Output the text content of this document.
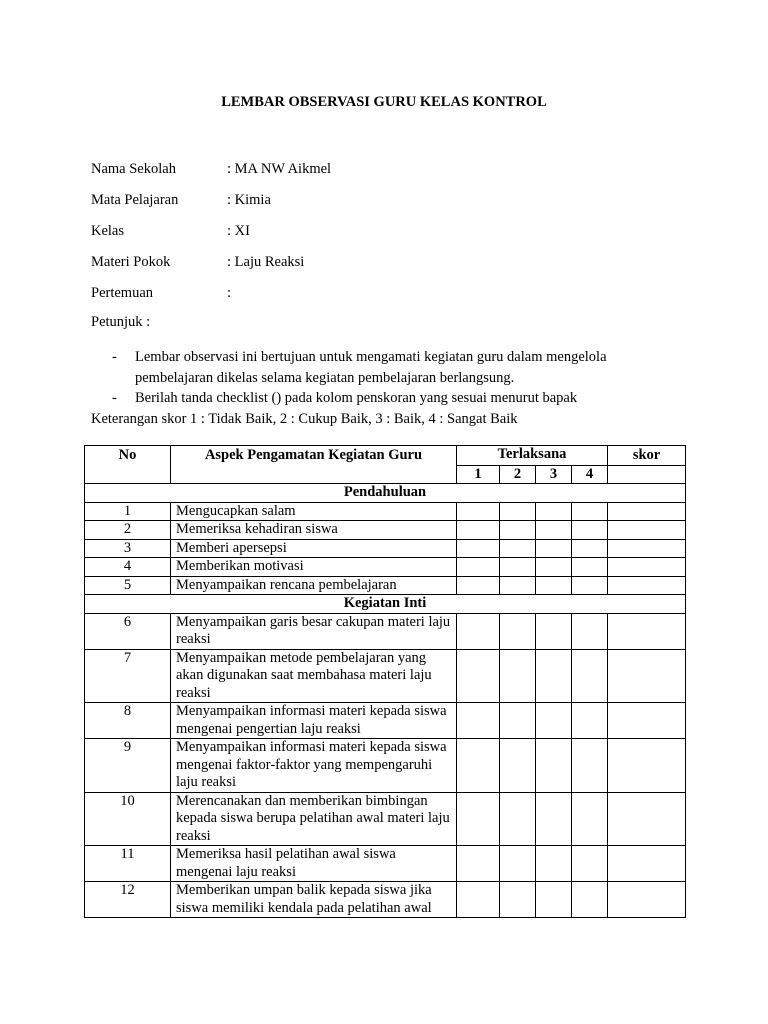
LEMBAR OBSERVASI GURU KELAS KONTROL
Nama Sekolah	: MA NW Aikmel
Mata Pelajaran	: Kimia
Kelas	: XI
Materi Pokok	: Laju Reaksi
Pertemuan	:
Petunjuk :
- Lembar observasi ini bertujuan untuk mengamati kegiatan guru dalam mengelola pembelajaran dikelas selama kegiatan pembelajaran berlangsung.
- Berilah tanda checklist () pada kolom penskoran yang sesuai menurut bapak
Keterangan skor 1 : Tidak Baik, 2 : Cukup Baik, 3 : Baik, 4 : Sangat Baik
No	Aspek Pengamatan Kegiatan Guru	Terlaksana				skor
		1	2	3	4	
Pendahuluan						
1	Mengucapkan salam					
2	Memeriksa kehadiran siswa					
3	Memberi apersepsi					
4	Memberikan motivasi					
5	Menyampaikan rencana pembelajaran					
Kegiatan Inti						
6	Menyampaikan garis besar cakupan materi laju reaksi					
7	Menyampaikan metode pembelajaran yang akan digunakan saat membahasa materi laju reaksi					
8	Menyampaikan informasi materi kepada siswa mengenai pengertian laju reaksi					
9	Menyampaikan informasi materi kepada siswa mengenai faktor-faktor yang mempengaruhi laju reaksi					
10	Merencanakan dan memberikan bimbingan kepada siswa berupa pelatihan awal materi laju reaksi					
11	Memeriksa hasil pelatihan awal siswa mengenai laju reaksi					
12	Memberikan umpan balik kepada siswa jika siswa memiliki kendala pada pelatihan awal					
